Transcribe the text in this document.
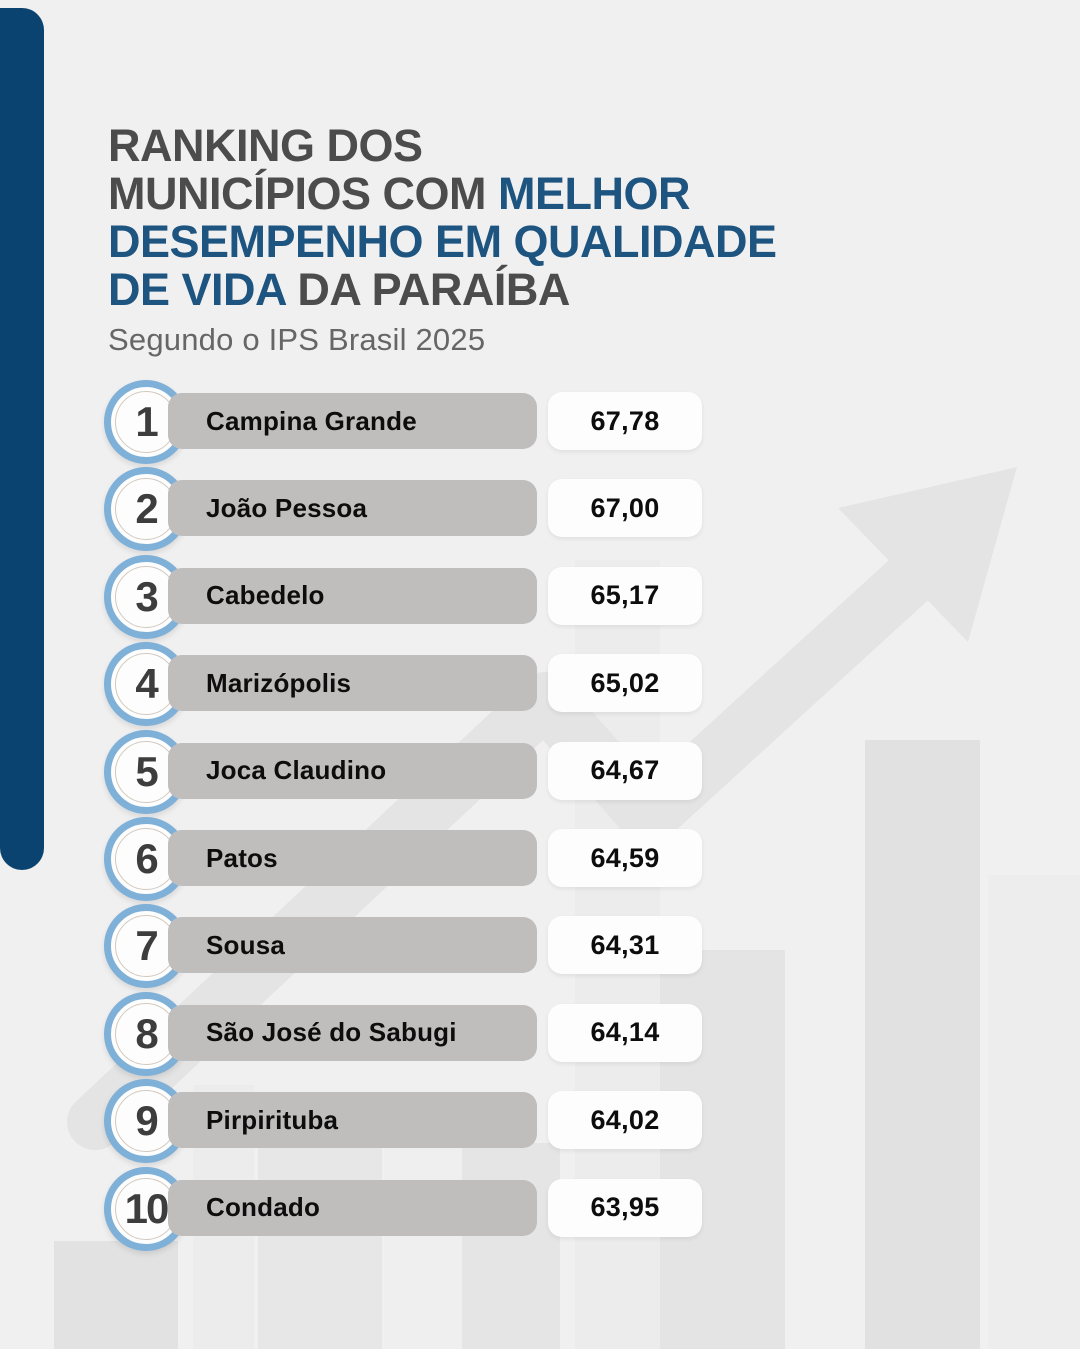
RANKING DOS
MUNICÍPIOS COM MELHOR
DESEMPENHO EM QUALIDADE
DE VIDA DA PARAÍBA

Segundo o IPS Brasil 2025

1 Campina Grande	67,78
2 João Pessoa	67,00
3 Cabedelo	65,17
4 Marizópolis	65,02
5 Joca Claudino	64,67
6 Patos	64,59
7 Sousa	64,31
8 São José do Sabugi	64,14
9 Pirpirituba	64,02
10 Condado	63,95
